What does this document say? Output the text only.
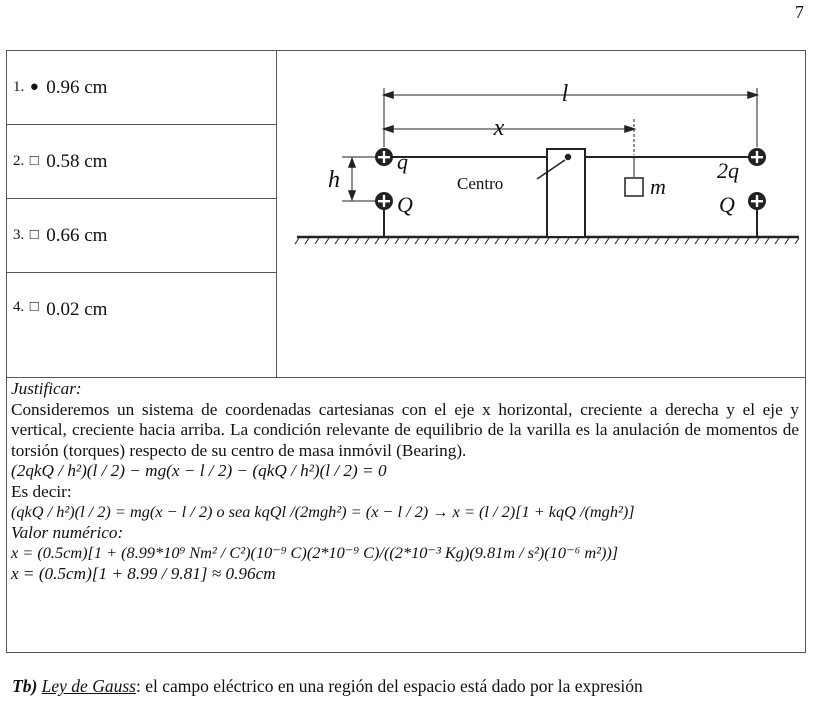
7
1. ● 0.96 cm
2. □ 0.58 cm
3. □ 0.66 cm
4. □ 0.02 cm
l
x
h
q
Q
Centro	m
2q
Q

Justificar:

Consideremos un sistema de coordenadas cartesianas con el eje x horizontal, creciente a derecha y el eje y vertical, creciente hacia arriba. La condición relevante de equilibrio de la varilla es la anulación de momentos de torsión (torques) respecto de su centro de masa inmóvil (Bearing).

(2qkQ / h²)(l / 2) − mg(x − l / 2) − (qkQ / h²)(l / 2) = 0

Es decir:

(qkQ / h²)(l / 2) = mg(x − l / 2) o sea kqQl /(2mgh²) = (x − l / 2) → x = (l / 2)[1 + kqQ /(mgh²)]

Valor numérico:

x = (0.5cm)[1 + (8.99*10⁹ Nm² / C²)(10⁻⁹ C)(2*10⁻⁹ C)/((2*10⁻³ Kg)(9.81m / s²)(10⁻⁶ m²))]

x = (0.5cm)[1 + 8.99 / 9.81] ≈ 0.96cm

Tb) Ley de Gauss: el campo eléctrico en una región del espacio está dado por la expresión
